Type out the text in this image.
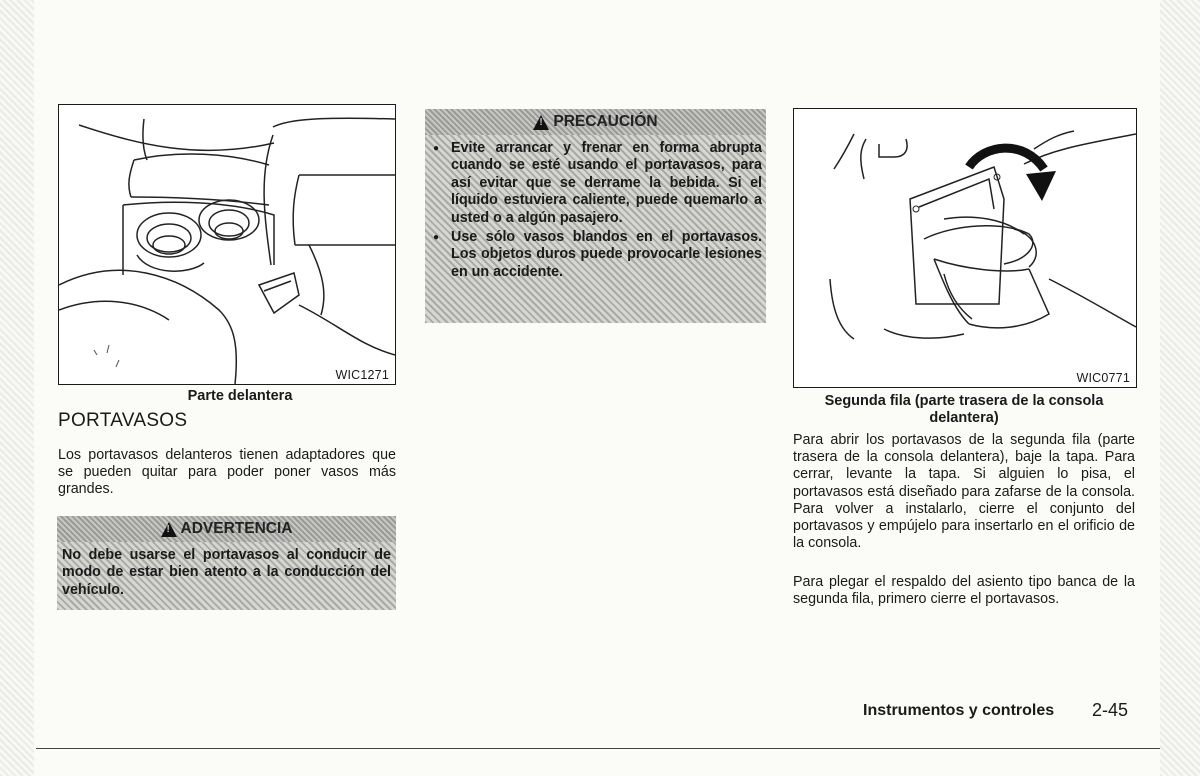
WIC1271
Parte delantera
PORTAVASOS
Los portavasos delanteros tienen adaptadores que se pueden quitar para poder poner vasos más grandes.
!
ADVERTENCIA
No debe usarse el portavasos al conducir de modo de estar bien atento a la conducción del vehículo.
!
PRECAUCIÓN
● Evite arrancar y frenar en forma abrupta cuando se esté usando el portavasos, para así evitar que se derrame la bebida. Si el líquido estuviera caliente, puede quemarlo a usted o a algún pasajero.
● Use sólo vasos blandos en el portavasos. Los objetos duros puede provocarle lesiones en un accidente.
WIC0771
Segunda fila (parte trasera de la consola delantera)
Para abrir los portavasos de la segunda fila (parte trasera de la consola delantera), baje la tapa. Para cerrar, levante la tapa. Si alguien lo pisa, el portavasos está diseñado para zafarse de la consola. Para volver a instalarlo, cierre el conjunto del portavasos y empújelo para insertarlo en el orificio de la consola.
Para plegar el respaldo del asiento tipo banca de la segunda fila, primero cierre el portavasos.
Instrumentos y controles 2-45
